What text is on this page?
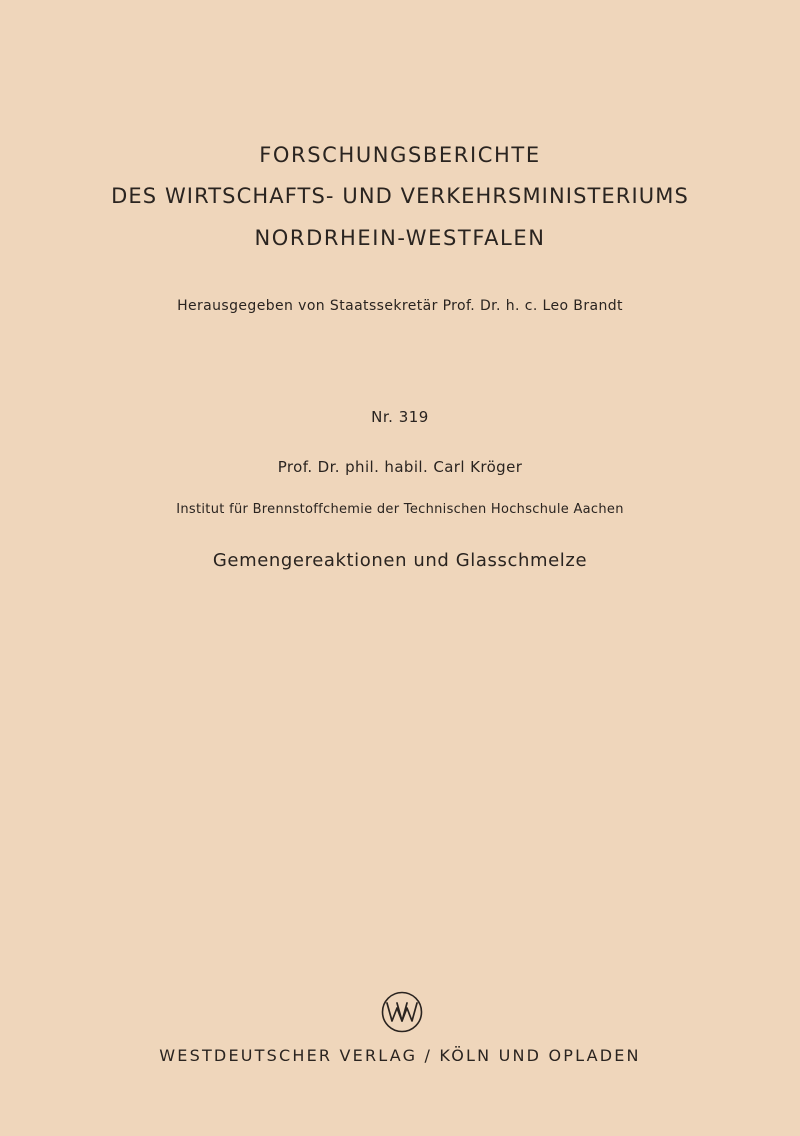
FORSCHUNGSBERICHTE
DES WIRTSCHAFTS- UND VERKEHRSMINISTERIUMS
NORDRHEIN-WESTFALEN
Herausgegeben von Staatssekretär Prof. Dr. h. c. Leo Brandt
Nr. 319
Prof. Dr. phil. habil. Carl Kröger
Institut für Brennstoffchemie der Technischen Hochschule Aachen
Gemengereaktionen und Glasschmelze
WESTDEUTSCHER VERLAG / KÖLN UND OPLADEN
